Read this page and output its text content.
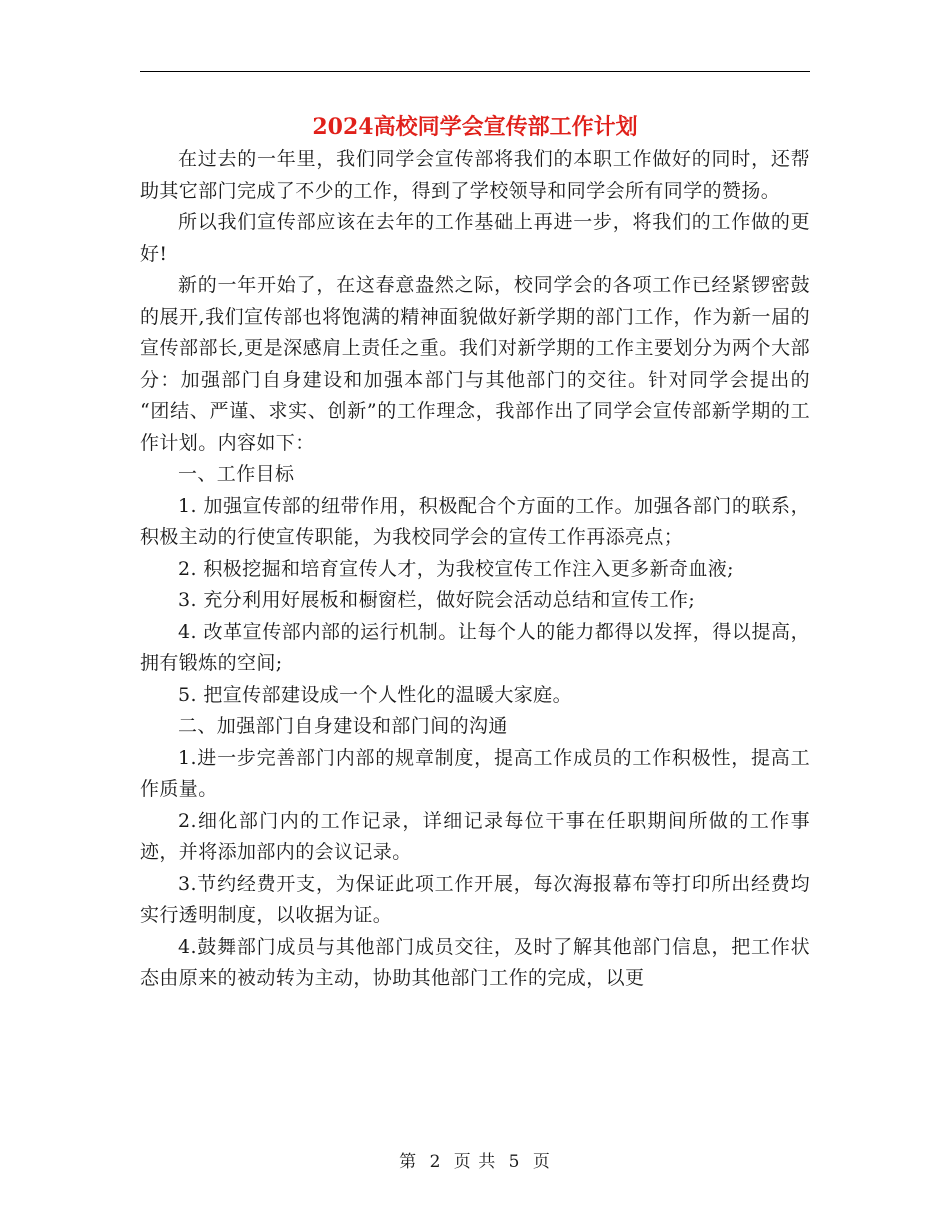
2024高校同学会宣传部工作计划

在过去的一年里，我们同学会宣传部将我们的本职工作做好的同时，还帮助其它部门完成了不少的工作，得到了学校领导和同学会所有同学的赞扬。

所以我们宣传部应该在去年的工作基础上再进一步，将我们的工作做的更好!

新的一年开始了，在这春意盎然之际，校同学会的各项工作已经紧锣密鼓的展开,我们宣传部也将饱满的精神面貌做好新学期的部门工作，作为新一届的宣传部部长,更是深感肩上责任之重。我们对新学期的工作主要划分为两个大部分：加强部门自身建设和加强本部门与其他部门的交往。针对同学会提出的 “团结、严谨、求实、创新”的工作理念，我部作出了同学会宣传部新学期的工作计划。内容如下：

一、工作目标

1. 加强宣传部的纽带作用，积极配合个方面的工作。加强各部门的联系，积极主动的行使宣传职能，为我校同学会的宣传工作再添亮点；

2. 积极挖掘和培育宣传人才，为我校宣传工作注入更多新奇血液;

3. 充分利用好展板和橱窗栏，做好院会活动总结和宣传工作;

4. 改革宣传部内部的运行机制。让每个人的能力都得以发挥，得以提高，拥有锻炼的空间;

5. 把宣传部建设成一个人性化的温暖大家庭。

二、加强部门自身建设和部门间的沟通

1.进一步完善部门内部的规章制度，提高工作成员的工作积极性，提高工作质量。

2.细化部门内的工作记录，详细记录每位干事在任职期间所做的工作事迹，并将添加部内的会议记录。

3.节约经费开支，为保证此项工作开展，每次海报幕布等打印所出经费均实行透明制度，以收据为证。

4.鼓舞部门成员与其他部门成员交往，及时了解其他部门信息，把工作状态由原来的被动转为主动，协助其他部门工作的完成，以更

第 2 页 共 5 页
